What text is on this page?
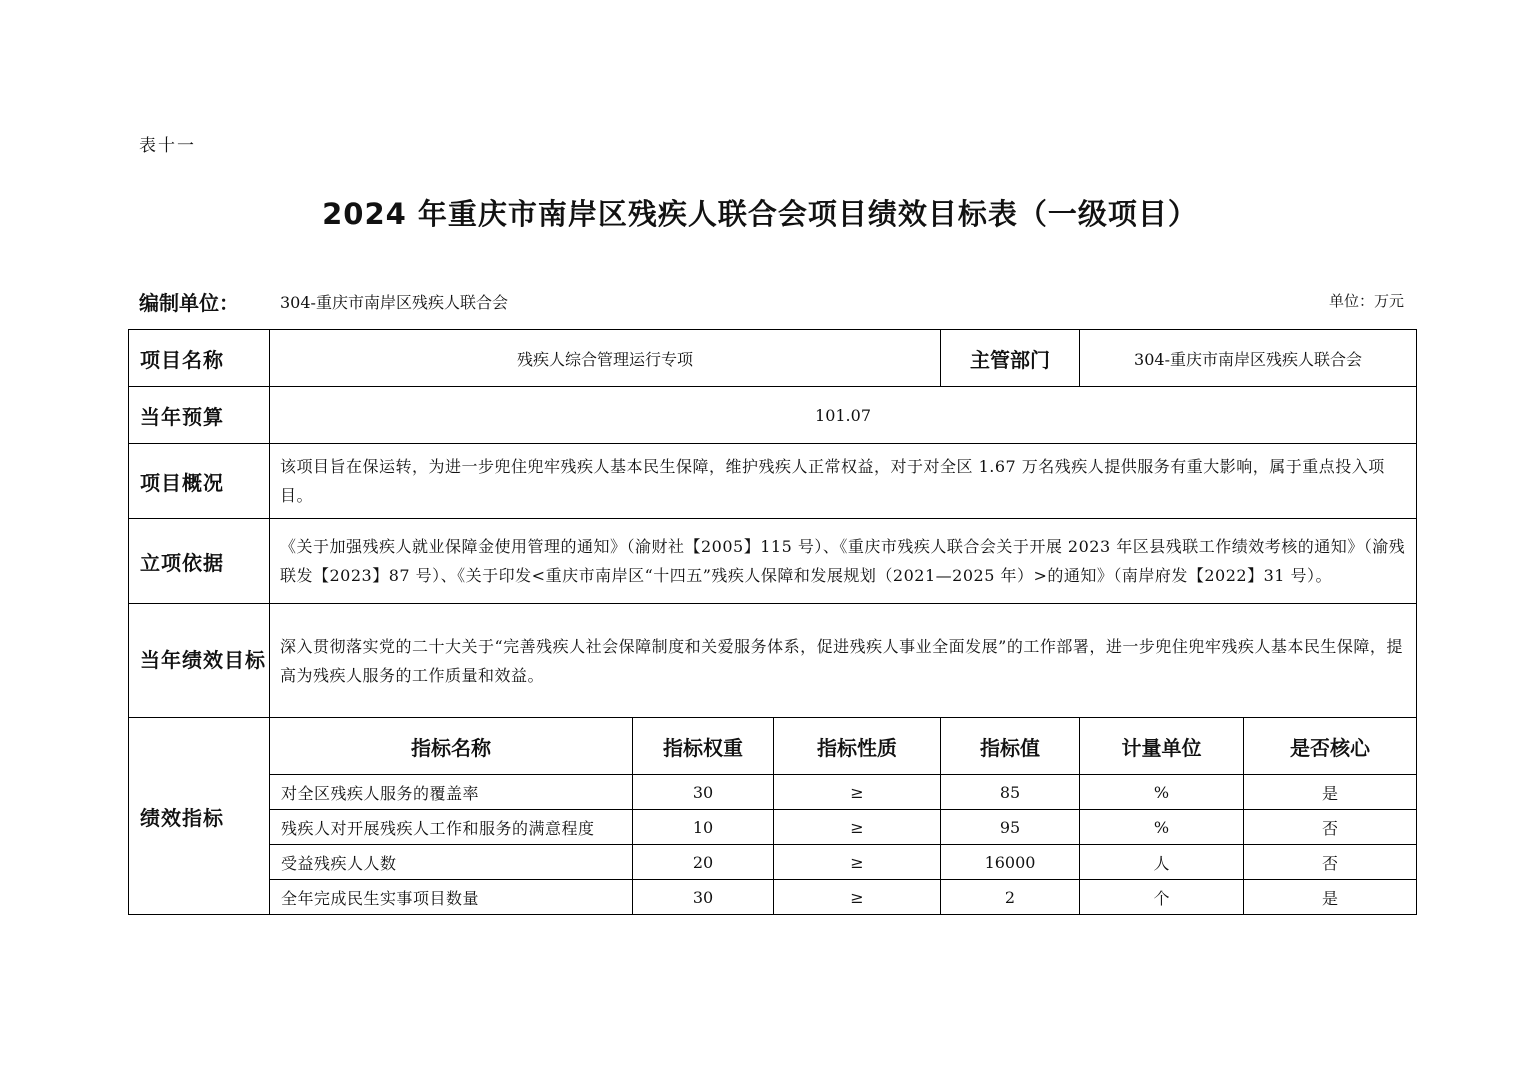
表十一
2024 年重庆市南岸区残疾人联合会项目绩效目标表（一级项目）
编制单位：	304-重庆市南岸区残疾人联合会	单位：万元
项目名称	残疾人综合管理运行专项			主管部门	304-重庆市南岸区残疾人联合会	
当年预算	101.07					
项目概况	该项目旨在保运转，为进一步兜住兜牢残疾人基本民生保障，维护残疾人正常权益，对于对全区 1.67 万名残疾人提供服务有重大影响，属于重点投入项目。					
立项依据	《关于加强残疾人就业保障金使用管理的通知》（渝财社【2005】115 号）、《重庆市残疾人联合会关于开展 2023 年区县残联工作绩效考核的通知》（渝残联发【2023】87 号）、《关于印发<重庆市南岸区“十四五”残疾人保障和发展规划（2021—2025 年）>的通知》（南岸府发【2022】31 号）。					
当年绩效目标	深入贯彻落实党的二十大关于“完善残疾人社会保障制度和关爱服务体系，促进残疾人事业全面发展”的工作部署，进一步兜住兜牢残疾人基本民生保障，提高为残疾人服务的工作质量和效益。					
绩效指标	指标名称	指标权重	指标性质	指标值	计量单位	是否核心
	对全区残疾人服务的覆盖率	30	≥	85	%	是
	残疾人对开展残疾人工作和服务的满意程度	10	≥	95	%	否
	受益残疾人人数	20	≥	16000	人	否
	全年完成民生实事项目数量	30	≥	2	个	是
